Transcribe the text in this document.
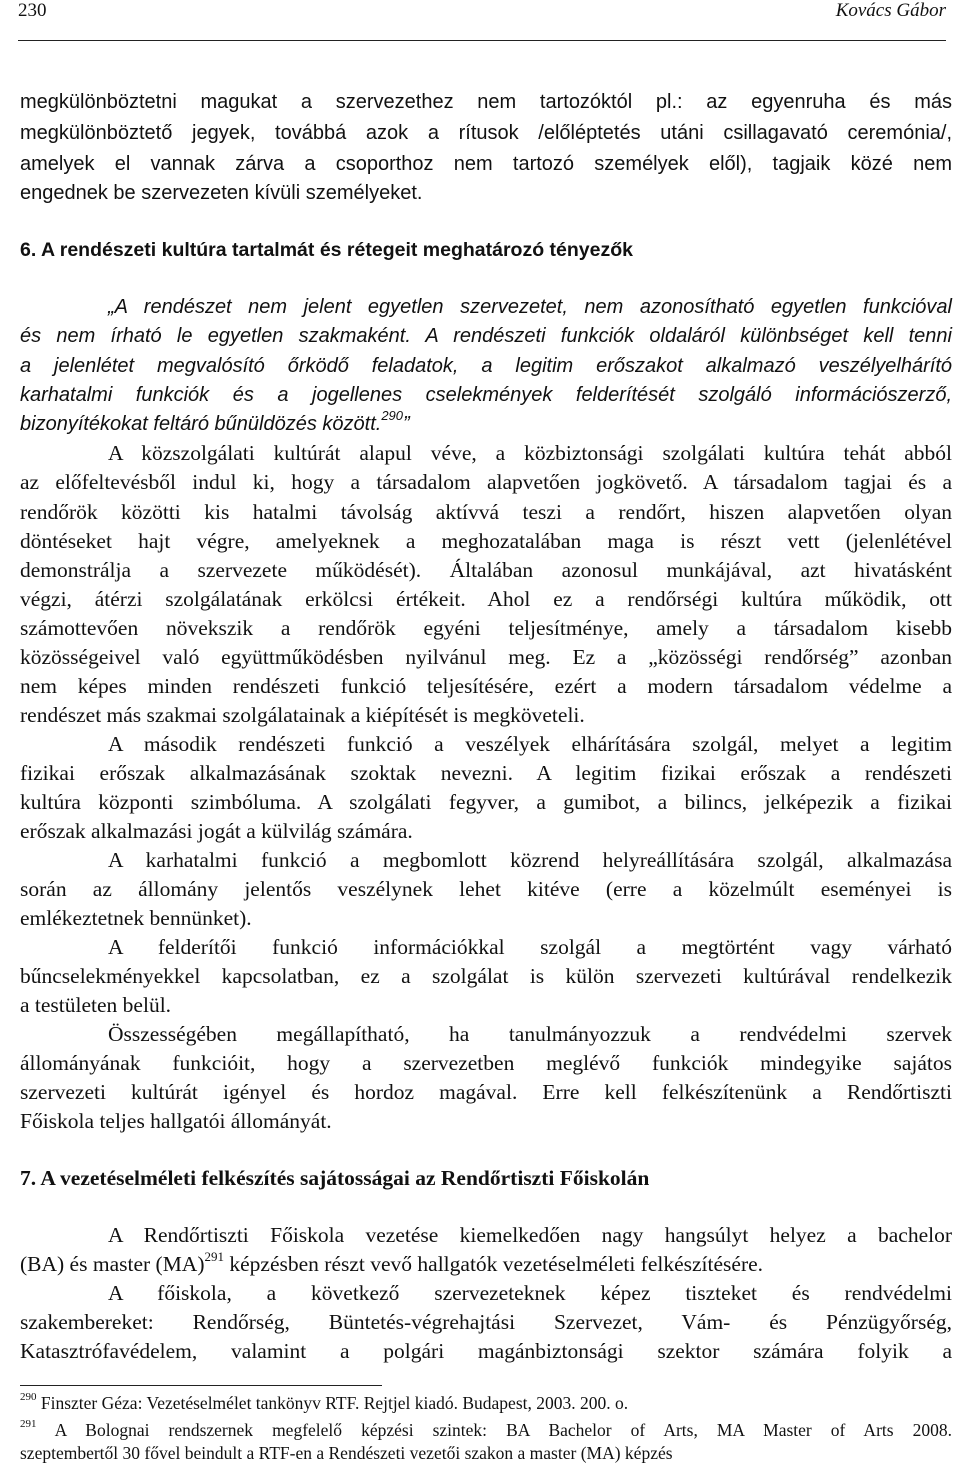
230	Kovács Gábor
megkülönböztetni magukat a szervezethez nem tartozóktól pl.: az egyenruha és más
megkülönböztető jegyek, továbbá azok a rítusok /előléptetés utáni csillagavató ceremónia/,
amelyek el vannak zárva a csoporthoz nem tartozó személyek elől), tagjaik közé nem
engednek be szervezeten kívüli személyeket.
6. A rendészeti kultúra tartalmát és rétegeit meghatározó tényezők
„A rendészet nem jelent egyetlen szervezetet, nem azonosítható egyetlen funkcióval
és nem írható le egyetlen szakmaként. A rendészeti funkciók oldaláról különbséget kell tenni
a jelenlétet megvalósító őrködő feladatok, a legitim erőszakot alkalmazó veszélyelhárító
karhatalmi funkciók és a jogellenes cselekmények felderítését szolgáló információszerző,
bizonyítékokat feltáró bűnüldözés között.$^{290}$”
A közszolgálati kultúrát alapul véve, a közbiztonsági szolgálati kultúra tehát abból
az előfeltevésből indul ki, hogy a társadalom alapvetően jogkövető. A társadalom tagjai és a
rendőrök közötti kis hatalmi távolság aktívvá teszi a rendőrt, hiszen alapvetően olyan
döntéseket hajt végre, amelyeknek a meghozatalában maga is részt vett (jelenlétével
demonstrálja a szervezete működését). Általában azonosul munkájával, azt hivatásként
végzi, átérzi szolgálatának erkölcsi értékeit. Ahol ez a rendőrségi kultúra működik, ott
számottevően növekszik a rendőrök egyéni teljesítménye, amely a társadalom kisebb
közösségeivel való együttműködésben nyilvánul meg. Ez a „közösségi rendőrség” azonban
nem képes minden rendészeti funkció teljesítésére, ezért a modern társadalom védelme a
rendészet más szakmai szolgálatainak a kiépítését is megköveteli.
A második rendészeti funkció a veszélyek elhárítására szolgál, melyet a legitim
fizikai erőszak alkalmazásának szoktak nevezni. A legitim fizikai erőszak a rendészeti
kultúra központi szimbóluma. A szolgálati fegyver, a gumibot, a bilincs, jelképezik a fizikai
erőszak alkalmazási jogát a külvilág számára.
A karhatalmi funkció a megbomlott közrend helyreállítására szolgál, alkalmazása
során az állomány jelentős veszélynek lehet kitéve (erre a közelmúlt eseményei is
emlékeztetnek bennünket).
A felderítői funkció információkkal szolgál a megtörtént vagy várható
bűncselekményekkel kapcsolatban, ez a szolgálat is külön szervezeti kultúrával rendelkezik
a testületen belül.
Összességében megállapítható, ha tanulmányozzuk a rendvédelmi szervek
állományának funkcióit, hogy a szervezetben meglévő funkciók mindegyike sajátos
szervezeti kultúrát igényel és hordoz magával. Erre kell felkészítenünk a Rendőrtiszti
Főiskola teljes hallgatói állományát.
7. A vezetéselméleti felkészítés sajátosságai az Rendőrtiszti Főiskolán
A Rendőrtiszti Főiskola vezetése kiemelkedően nagy hangsúlyt helyez a bachelor
(BA) és master (MA)$^{291}$ képzésben részt vevő hallgatók vezetéselméleti felkészítésére.
A főiskola, a következő szervezeteknek képez tiszteket és rendvédelmi
szakembereket: Rendőrség, Büntetés-végrehajtási Szervezet, Vám- és Pénzügyőrség,
Katasztrófavédelem, valamint a polgári magánbiztonsági szektor számára folyik a
$^{290}$ Finszter Géza: Vezetéselmélet tankönyv RTF. Rejtjel kiadó. Budapest, 2003. 200. o.
$^{291}$ A Bolognai rendszernek megfelelő képzési szintek: BA Bachelor of Arts, MA Master of Arts 2008.
szeptembertől 30 fővel beindult a RTF-en a Rendészeti vezetői szakon a master (MA) képzés
